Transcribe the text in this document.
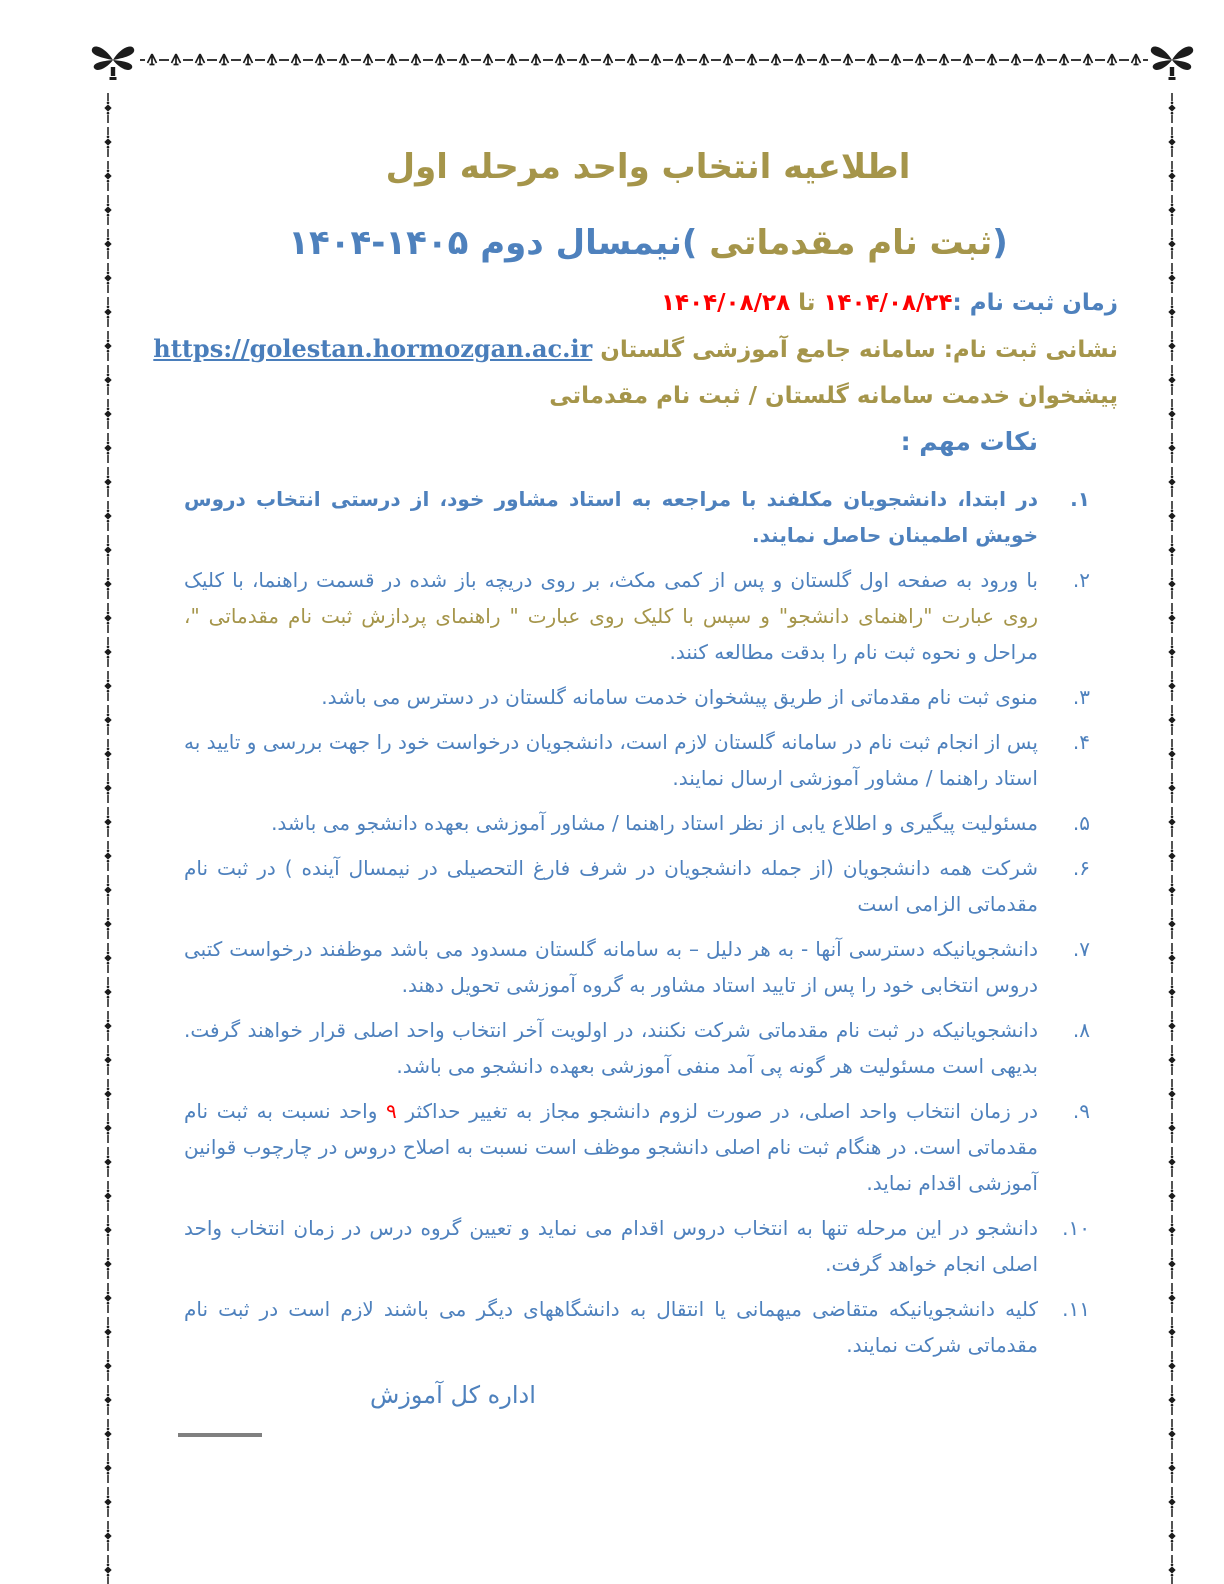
اطلاعیه انتخاب واحد مرحله اول
(ثبت نام مقدماتی )نیمسال دوم ۱۴۰۵-۱۴۰۴
زمان ثبت نام :۱۴۰۴/۰۸/۲۴ تا ۱۴۰۴/۰۸/۲۸
نشانی ثبت نام: سامانه جامع آموزشی گلستان https://golestan.hormozgan.ac.ir
پیشخوان خدمت سامانه گلستان / ثبت نام مقدماتی
نکات مهم :
۱.
در ابتدا، دانشجویان مکلفند با مراجعه به استاد مشاور خود، از درستی انتخاب دروس خویش اطمینان حاصل نمایند.
۲.
با ورود به صفحه اول گلستان و پس از کمی مکث، بر روی دریچه باز شده در قسمت راهنما، با کلیک روی عبارت "راهنمای دانشجو" و سپس با کلیک روی عبارت " راهنمای پردازش ثبت نام مقدماتی "، مراحل و نحوه ثبت نام را بدقت مطالعه کنند.
۳.
منوی ثبت نام مقدماتی از طریق پیشخوان خدمت سامانه گلستان در دسترس می باشد.
۴.
پس از انجام ثبت نام در سامانه گلستان لازم است، دانشجویان درخواست خود را جهت بررسی و تایید به استاد راهنما / مشاور آموزشی ارسال نمایند.
۵.
مسئولیت پیگیری و اطلاع یابی از نظر استاد راهنما / مشاور آموزشی بعهده دانشجو می باشد.
۶.
شرکت همه دانشجویان (از جمله دانشجویان در شرف فارغ التحصیلی در نیمسال آینده ) در ثبت نام مقدماتی الزامی است
۷.
دانشجویانیکه دسترسی آنها - به هر دلیل – به سامانه گلستان مسدود می باشد موظفند درخواست کتبی دروس انتخابی خود را پس از تایید استاد مشاور به گروه آموزشی تحویل دهند.
۸.
دانشجویانیکه در ثبت نام مقدماتی شرکت نکنند، در اولویت آخر انتخاب واحد اصلی قرار خواهند گرفت. بدیهی است مسئولیت هر گونه پی آمد منفی آموزشی بعهده دانشجو می باشد.
۹.
در زمان انتخاب واحد اصلی، در صورت لزوم دانشجو مجاز به تغییر حداکثر ۹ واحد نسبت به ثبت نام مقدماتی است. در هنگام ثبت نام اصلی دانشجو موظف است نسبت به اصلاح دروس در چارچوب قوانین آموزشی اقدام نماید.
۱۰.
دانشجو در این مرحله تنها به انتخاب دروس اقدام می نماید و تعیین گروه درس در زمان انتخاب واحد اصلی انجام خواهد گرفت.
۱۱.
کلیه دانشجویانیکه متقاضی میهمانی یا انتقال به دانشگاههای دیگر می باشند لازم است در ثبت نام مقدماتی شرکت نمایند.
اداره کل آموزش
